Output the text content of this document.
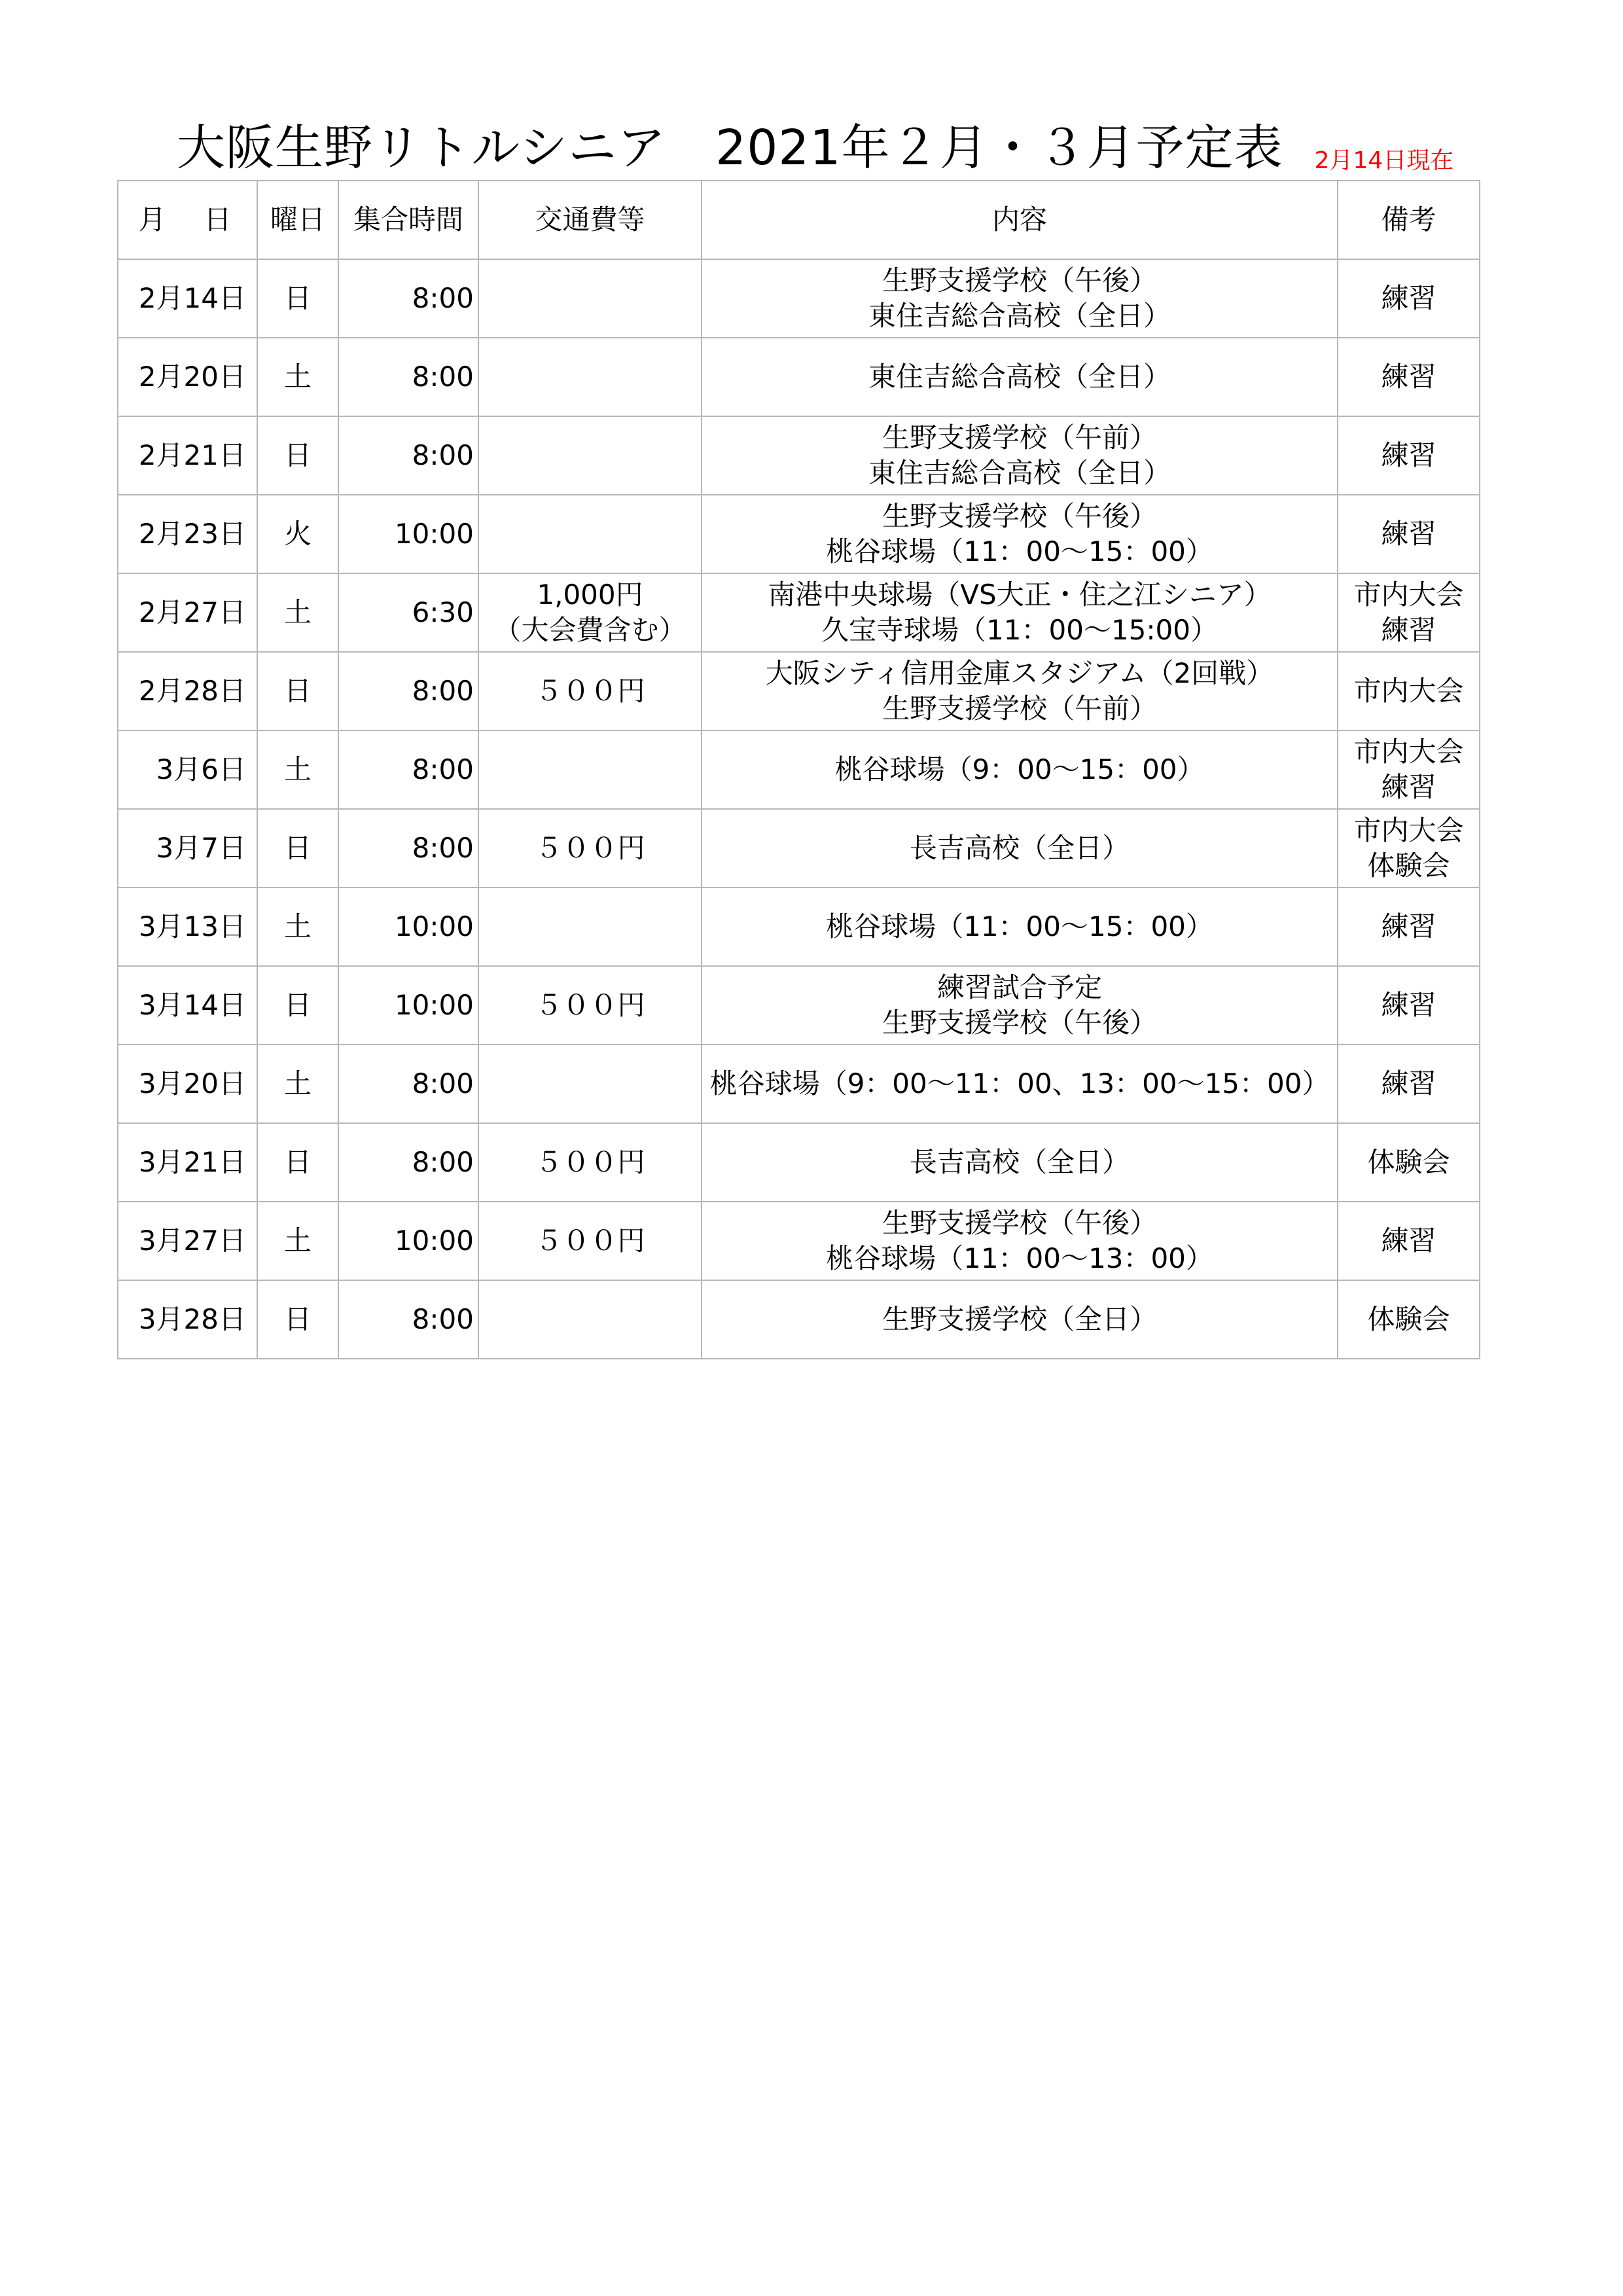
大阪生野リトルシニア　2021年２月・３月予定表 2月14日現在
月　日	曜日	集合時間	交通費等	内容	備考
2月14日	日	8:00		生野支援学校（午後）
東住吉総合高校（全日）	練習

2月20日	土	8:00		東住吉総合高校（全日）	練習

2月21日	日	8:00		生野支援学校（午前）
東住吉総合高校（全日）	練習

2月23日	火	10:00		生野支援学校（午後）
桃谷球場（11：00～15：00）	練習

2月27日	土	6:30	1,000円
（大会費含む）	南港中央球場（VS大正・住之江シニア）
久宝寺球場（11：00～15:00）	市内大会
練習

2月28日	日	8:00	５００円	大阪シティ信用金庫スタジアム（2回戦）
生野支援学校（午前）	市内大会

3月6日	土	8:00		桃谷球場（9：00～15：00）	市内大会
練習

3月7日	日	8:00	５００円	長吉高校（全日）	市内大会
体験会

3月13日	土	10:00		桃谷球場（11：00～15：00）	練習

3月14日	日	10:00	５００円	練習試合予定
生野支援学校（午後）	練習

3月20日	土	8:00		桃谷球場（9：00～11：00、13：00～15：00）	練習

3月21日	日	8:00	５００円	長吉高校（全日）	体験会

3月27日	土	10:00	５００円	生野支援学校（午後）
桃谷球場（11：00～13：00）	練習

3月28日	日	8:00		生野支援学校（全日）	体験会
